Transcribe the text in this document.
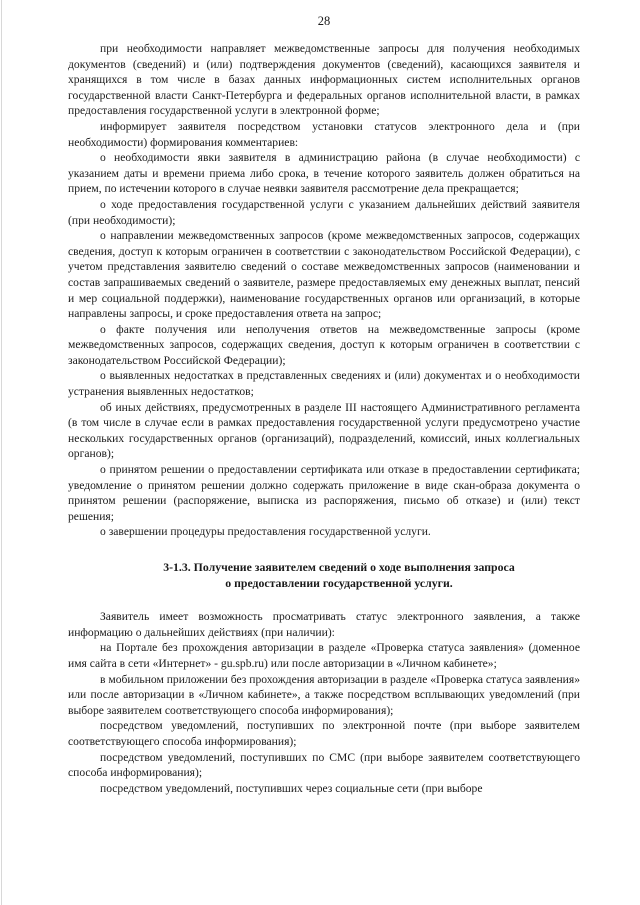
28

при необходимости направляет межведомственные запросы для получения необходимых документов (сведений) и (или) подтверждения документов (сведений), касающихся заявителя и хранящихся в том числе в базах данных информационных систем исполнительных органов государственной власти Санкт-Петербурга и федеральных органов исполнительной власти, в рамках предоставления государственной услуги в электронной форме;

информирует заявителя посредством установки статусов электронного дела и (при необходимости) формирования комментариев:

о необходимости явки заявителя в администрацию района (в случае необходимости) с указанием даты и времени приема либо срока, в течение которого заявитель должен обратиться на прием, по истечении которого в случае неявки заявителя рассмотрение дела прекращается;

о ходе предоставления государственной услуги с указанием дальнейших действий заявителя (при необходимости);

о направлении межведомственных запросов (кроме межведомственных запросов, содержащих сведения, доступ к которым ограничен в соответствии с законодательством Российской Федерации), с учетом представления заявителю сведений о составе межведомственных запросов (наименовании и состав запрашиваемых сведений о заявителе, размере предоставляемых ему денежных выплат, пенсий и мер социальной поддержки), наименование государственных органов или организаций, в которые направлены запросы, и сроке предоставления ответа на запрос;

о факте получения или неполучения ответов на межведомственные запросы (кроме межведомственных запросов, содержащих сведения, доступ к которым ограничен в соответствии с законодательством Российской Федерации);

о выявленных недостатках в представленных сведениях и (или) документах и о необходимости устранения выявленных недостатков;

об иных действиях, предусмотренных в разделе III настоящего Административного регламента (в том числе в случае если в рамках предоставления государственной услуги предусмотрено участие нескольких государственных органов (организаций), подразделений, комиссий, иных коллегиальных органов);

о принятом решении о предоставлении сертификата или отказе в предоставлении сертификата; уведомление о принятом решении должно содержать приложение в виде скан-образа документа о принятом решении (распоряжение, выписка из распоряжения, письмо об отказе) и (или) текст решения;

о завершении процедуры предоставления государственной услуги.

3-1.3. Получение заявителем сведений о ходе выполнения запроса
о предоставлении государственной услуги.

Заявитель имеет возможность просматривать статус электронного заявления, а также информацию о дальнейших действиях (при наличии):

на Портале без прохождения авторизации в разделе «Проверка статуса заявления» (доменное имя сайта в сети «Интернет» - gu.spb.ru) или после авторизации в «Личном кабинете»;

в мобильном приложении без прохождения авторизации в разделе «Проверка статуса заявления» или после авторизации в «Личном кабинете», а также посредством всплывающих уведомлений (при выборе заявителем соответствующего способа информирования);

посредством уведомлений, поступивших по электронной почте (при выборе заявителем соответствующего способа информирования);

посредством уведомлений, поступивших по СМС (при выборе заявителем соответствующего способа информирования);

посредством уведомлений, поступивших через социальные сети (при выборе
